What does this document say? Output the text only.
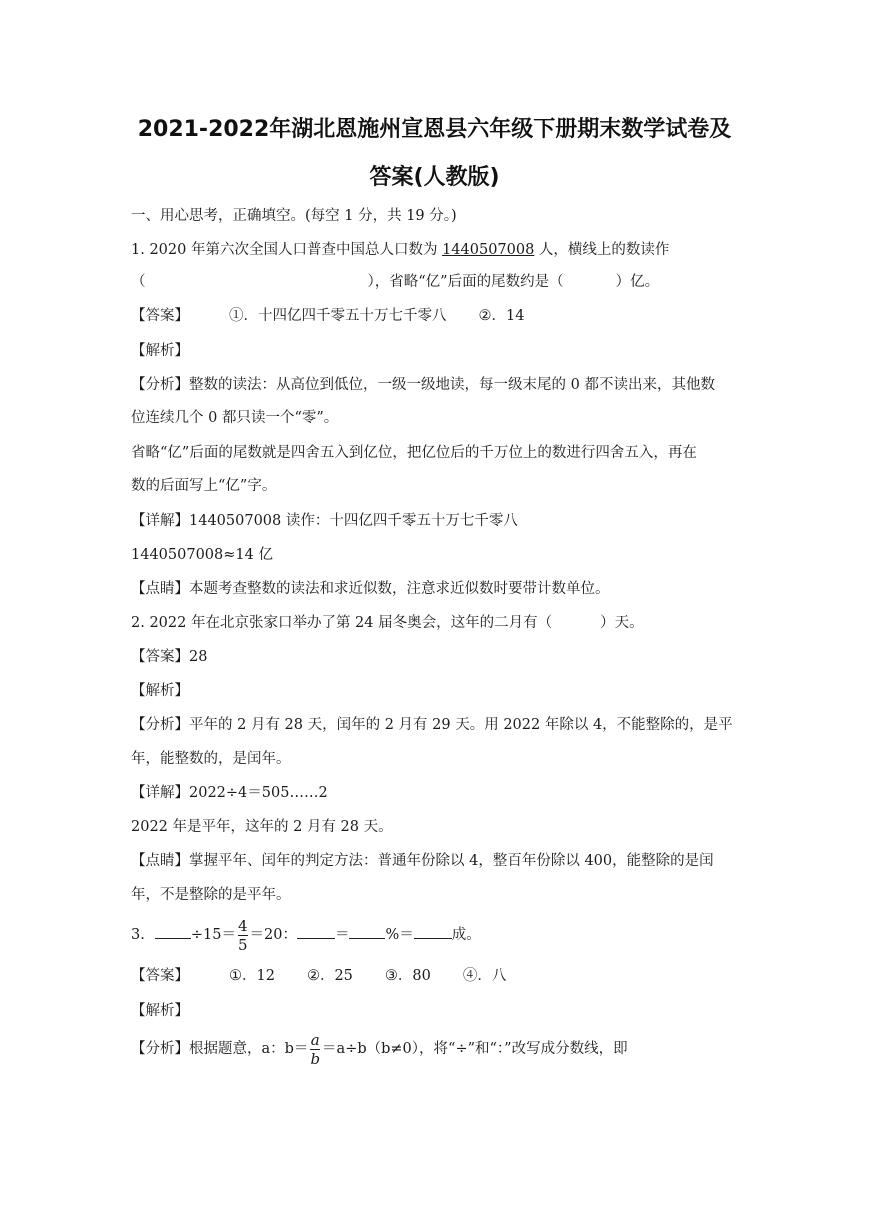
2021-2022年湖北恩施州宣恩县六年级下册期末数学试卷及
答案(人教版)
一、用心思考，正确填空。(每空 1 分，共 19 分。)
1. 2020 年第六次全国人口普查中国总人口数为 1440507008 人，横线上的数读作
（	），省略“亿”后面的尾数约是（	）亿。
【答案】	①．十四亿四千零五十万七千零八 ②．14
【解析】
【分析】整数的读法：从高位到低位，一级一级地读，每一级末尾的 0 都不读出来，其他数
位连续几个 0 都只读一个“零”。
省略“亿”后面的尾数就是四舍五入到亿位，把亿位后的千万位上的数进行四舍五入，再在
数的后面写上“亿”字。
【详解】1440507008 读作：十四亿四千零五十万七千零八
1440507008≈14 亿
【点睛】本题考查整数的读法和求近似数，注意求近似数时要带计数单位。
2. 2022 年在北京张家口举办了第 24 届冬奥会，这年的二月有（	）天。
【答案】28
【解析】
【分析】平年的 2 月有 28 天，闰年的 2 月有 29 天。用 2022 年除以 4，不能整除的，是平
年，能整数的，是闰年。
【详解】2022÷4＝505……2
2022 年是平年，这年的 2 月有 28 天。
【点睛】掌握平年、闰年的判定方法：普通年份除以 4，整百年份除以 400，能整除的是闰
年，不是整除的是平年。
3.	$\div 15= \frac{4}{5} =20$：	＝ %＝	成。
【答案】	①．12 ②．25 ③．80 ④．八
【解析】
【分析】根据题意，a：$b= \frac{a}{b} =a\div b(b\ne 0)$，将“÷”和“：”改写成分数线，即
